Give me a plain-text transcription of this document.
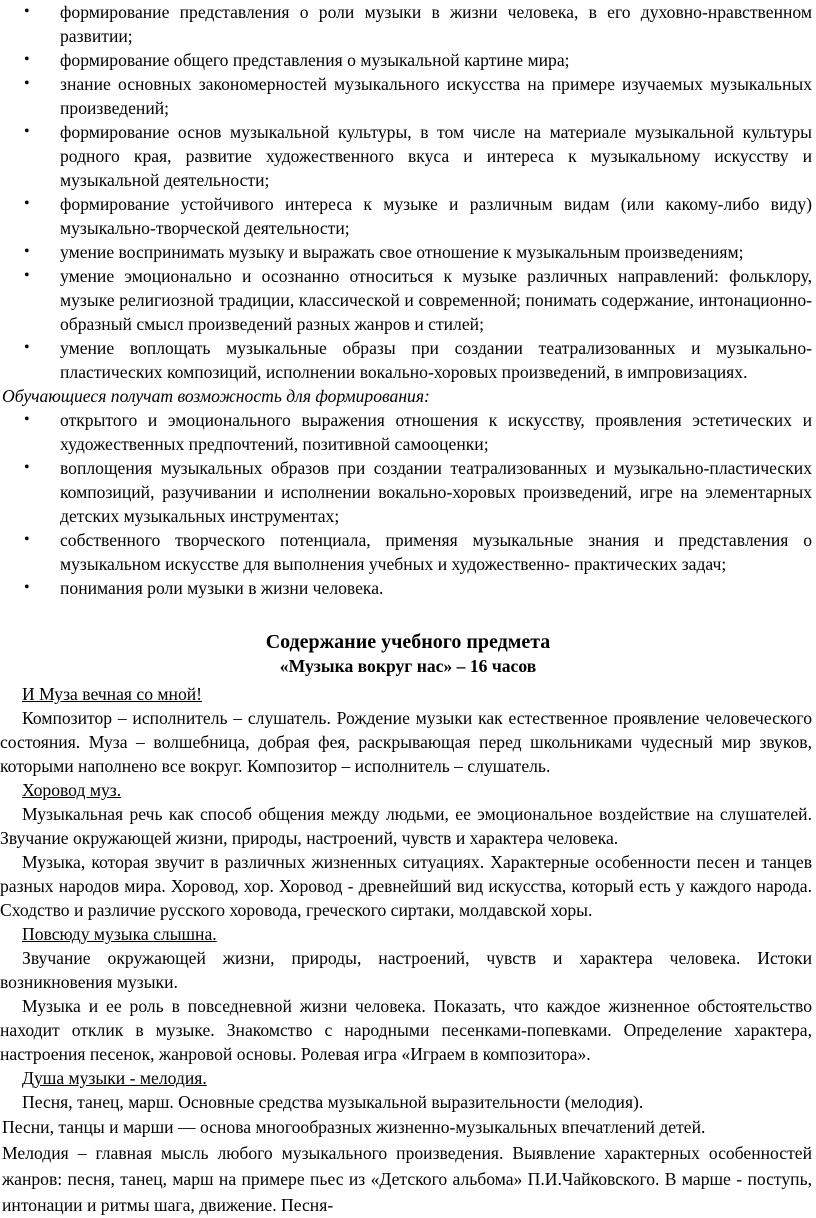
• формирование представления о роли музыки в жизни человека, в его духовно-нравственном развитии;
• формирование общего представления о музыкальной картине мира;
• знание основных закономерностей музыкального искусства на примере изучаемых музыкальных произведений;
• формирование основ музыкальной культуры, в том числе на материале музыкальной культуры родного края, развитие художественного вкуса и интереса к музыкальному искусству и музыкальной деятельности;
• формирование устойчивого интереса к музыке и различным видам (или какому-либо виду) музыкально-творческой деятельности;
• умение воспринимать музыку и выражать свое отношение к музыкальным произведениям;
• умение эмоционально и осознанно относиться к музыке различных направлений: фольклору, музыке религиозной традиции, классической и современной; понимать содержание, интонационно-образный смысл произведений разных жанров и стилей;
• умение воплощать музыкальные образы при создании театрализованных и музыкально-пластических композиций, исполнении вокально-хоровых произведений, в импровизациях.

Обучающиеся получат возможность для формирования:

• открытого и эмоционального выражения отношения к искусству, проявления эстетических и художественных предпочтений, позитивной самооценки;
• воплощения музыкальных образов при создании театрализованных и музыкально-пластических композиций, разучивании и исполнении вокально-хоровых произведений, игре на элементарных детских музыкальных инструментах;
• собственного творческого потенциала, применяя музыкальные знания и представления о музыкальном искусстве для выполнения учебных и художественно- практических задач;
• понимания роли музыки в жизни человека.

Содержание учебного предмета

«Музыка вокруг нас» – 16 часов

И Муза вечная со мной!

Композитор – исполнитель – слушатель. Рождение музыки как естественное проявление человеческого состояния. Муза – волшебница, добрая фея, раскрывающая перед школьниками чудесный мир звуков, которыми наполнено все вокруг. Композитор – исполнитель – слушатель.

Хоровод муз.

Музыкальная речь как способ общения между людьми, ее эмоциональное воздействие на слушателей. Звучание окружающей жизни, природы, настроений, чувств и характера человека.

Музыка, которая звучит в различных жизненных ситуациях. Характерные особенности песен и танцев разных народов мира. Хоровод, хор. Хоровод - древнейший вид искусства, который есть у каждого народа. Сходство и различие русского хоровода, греческого сиртаки, молдавской хоры.

Повсюду музыка слышна.

Звучание окружающей жизни, природы, настроений, чувств и характера человека. Истоки возникновения музыки.

Музыка и ее роль в повседневной жизни человека. Показать, что каждое жизненное обстоятельство находит отклик в музыке. Знакомство с народными песенками-попевками. Определение характера, настроения песенок, жанровой основы. Ролевая игра «Играем в композитора».

Душа музыки - мелодия.

Песня, танец, марш. Основные средства музыкальной выразительности (мелодия).

Песни, танцы и марши — основа многообразных жизненно-музыкальных впечатлений детей.

Мелодия – главная мысль любого музыкального произведения. Выявление характерных особенностей жанров: песня, танец, марш на примере пьес из «Детского альбома» П.И.Чайковского. В марше - поступь, интонации и ритмы шага, движение. Песня-
